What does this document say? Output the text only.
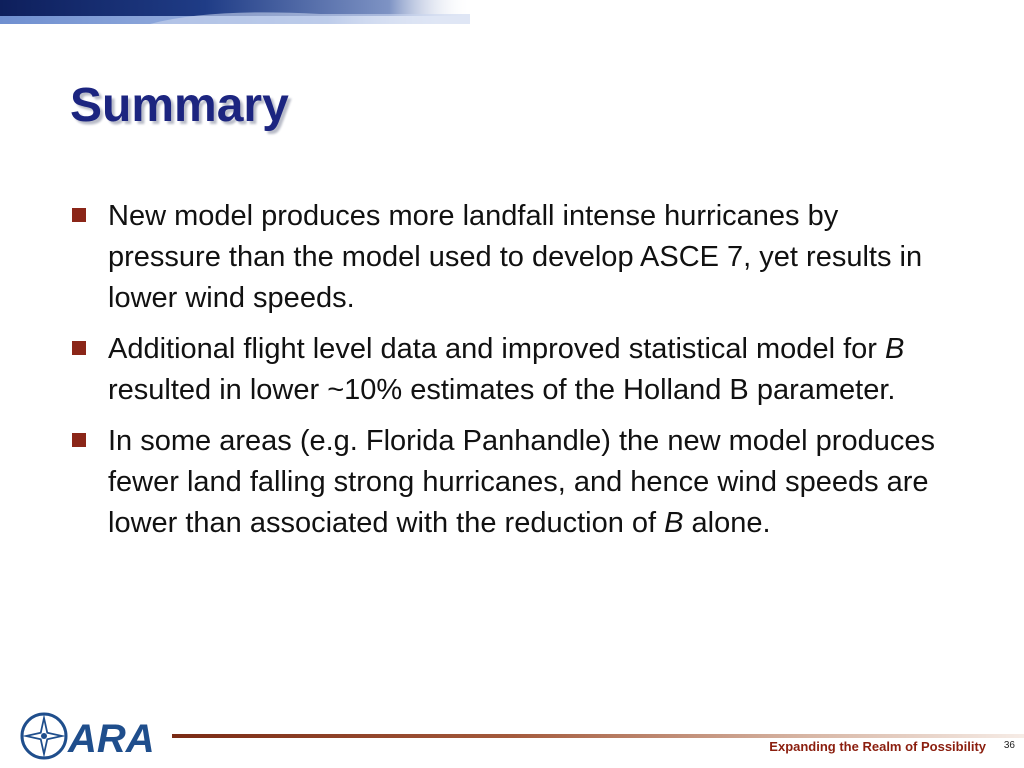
Summary
New model produces more landfall intense hurricanes by pressure than the model used to develop ASCE 7, yet results in lower wind speeds.
Additional flight level data and improved statistical model for B resulted in lower ~10% estimates of the Holland B parameter.
In some areas (e.g. Florida Panhandle) the new model produces fewer land falling strong hurricanes, and hence wind speeds are lower than associated with the reduction of B alone.
ARA	Expanding the Realm of Possibility 36
